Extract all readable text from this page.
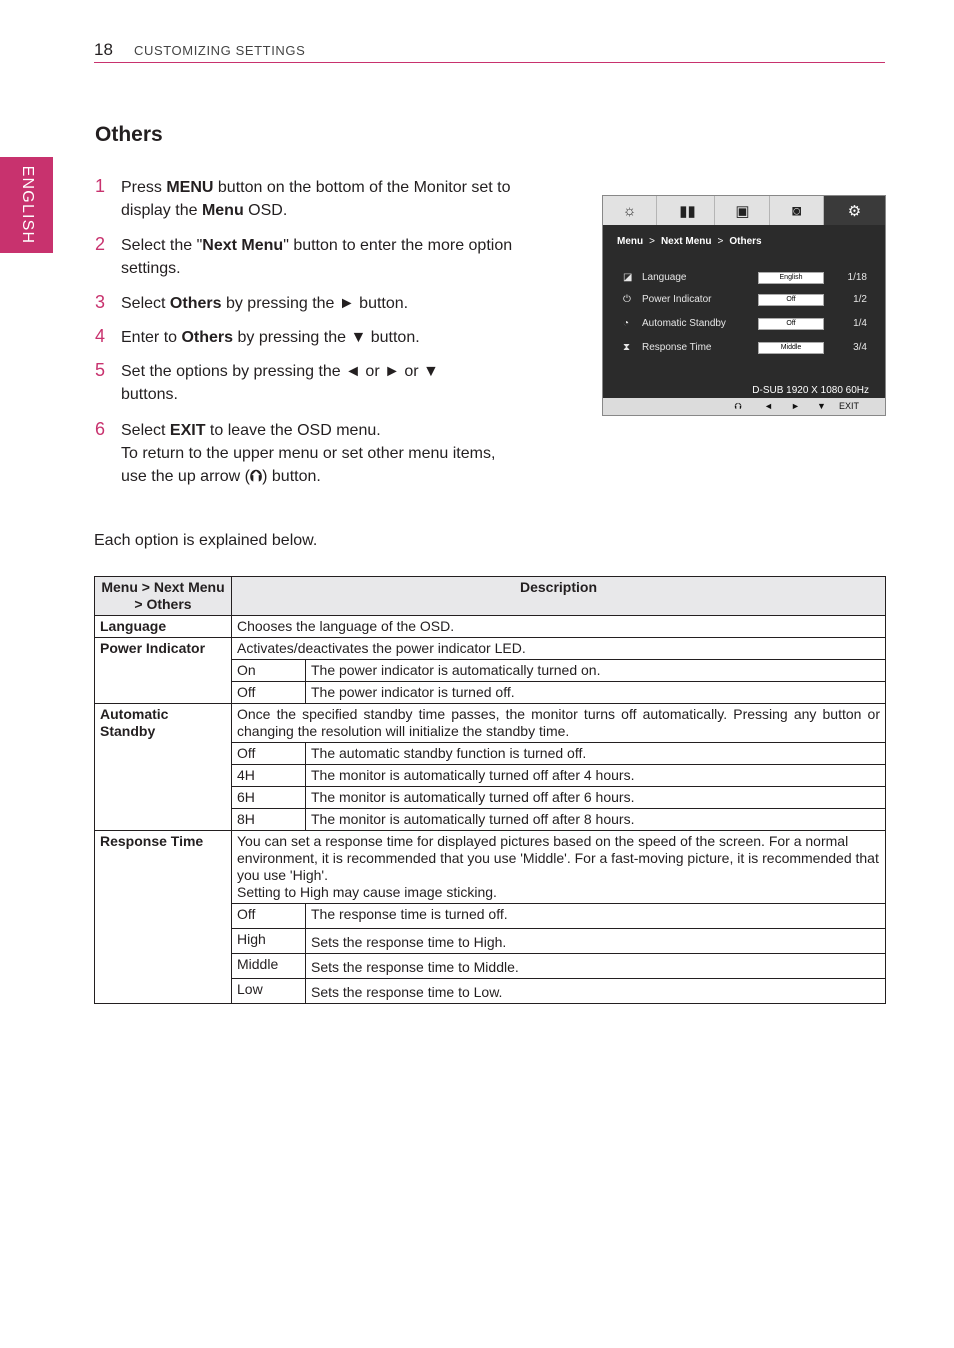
18 CUSTOMIZING SETTINGS
ENGLISH
Others
1 Press MENU button on the bottom of the Monitor set to display the Menu OSD.
2 Select the "Next Menu" button to enter the more option settings.
3 Select Others by pressing the ► button.
4 Enter to Others by pressing the ▼ button.
5 Set the options by pressing the ◄ or ► or ▼ buttons.
6 Select EXIT to leave the OSD menu.
To return to the upper menu or set other menu items, use the up arrow (⮉) button.
☼	▮▮	▣	◙	⚙
Menu > Next Menu > Others
◪ Language	English	1/18
⏻ Power Indicator	Off	1/2
◔ Automatic Standby	Off	1/4
⧗ Response Time	Middle	3/4
D-SUB 1920 X 1080 60Hz
⮉ ◄ ► ▼ EXIT
Each option is explained below.
Menu > Next Menu > Others	Description	
Language	Chooses the language of the OSD.	
Power Indicator	Activates/deactivates the power indicator LED.	
	On	The power indicator is automatically turned on.
	Off	The power indicator is turned off.
Automatic Standby	Once the specified standby time passes, the monitor turns off automatically. Pressing any button or changing the resolution will initialize the standby time.	
	Off	The automatic standby function is turned off.
	4H	The monitor is automatically turned off after 4 hours.
	6H	The monitor is automatically turned off after 6 hours.
	8H	The monitor is automatically turned off after 8 hours.
Response Time	You can set a response time for displayed pictures based on the speed of the screen. For a normal environment, it is recommended that you use 'Middle'. For a fast-moving picture, it is recommended that you use 'High'.
Setting to High may cause image sticking.	
	Off	The response time is turned off.
	High	Sets the response time to High.
	Middle	Sets the response time to Middle.
	Low	Sets the response time to Low.
